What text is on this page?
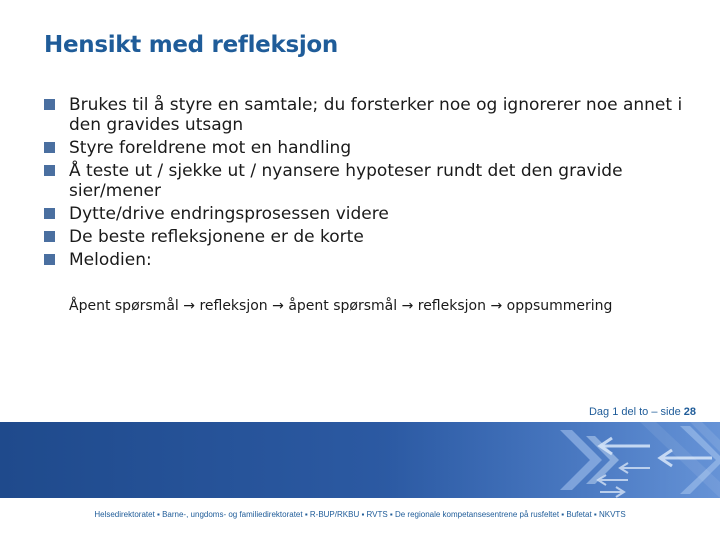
Hensikt med refleksjon
Brukes til å styre en samtale; du forsterker noe og ignorerer noe annet i den gravides utsagn
Styre foreldrene mot en handling
Å teste ut / sjekke ut / nyansere hypoteser rundt det den gravide sier/mener
Dytte/drive endringsprosessen videre
De beste refleksjonene er de korte
Melodien:
Åpent spørsmål → refleksjon → åpent spørsmål → refleksjon → oppsummering
Dag 1 del to – side 28
Helsedirektoratet ▪ Barne-, ungdoms- og familiedirektoratet ▪ R-BUP/RKBU ▪ RVTS ▪ De regionale kompetansesentrene på rusfeltet ▪ Bufetat ▪ NKVTS
